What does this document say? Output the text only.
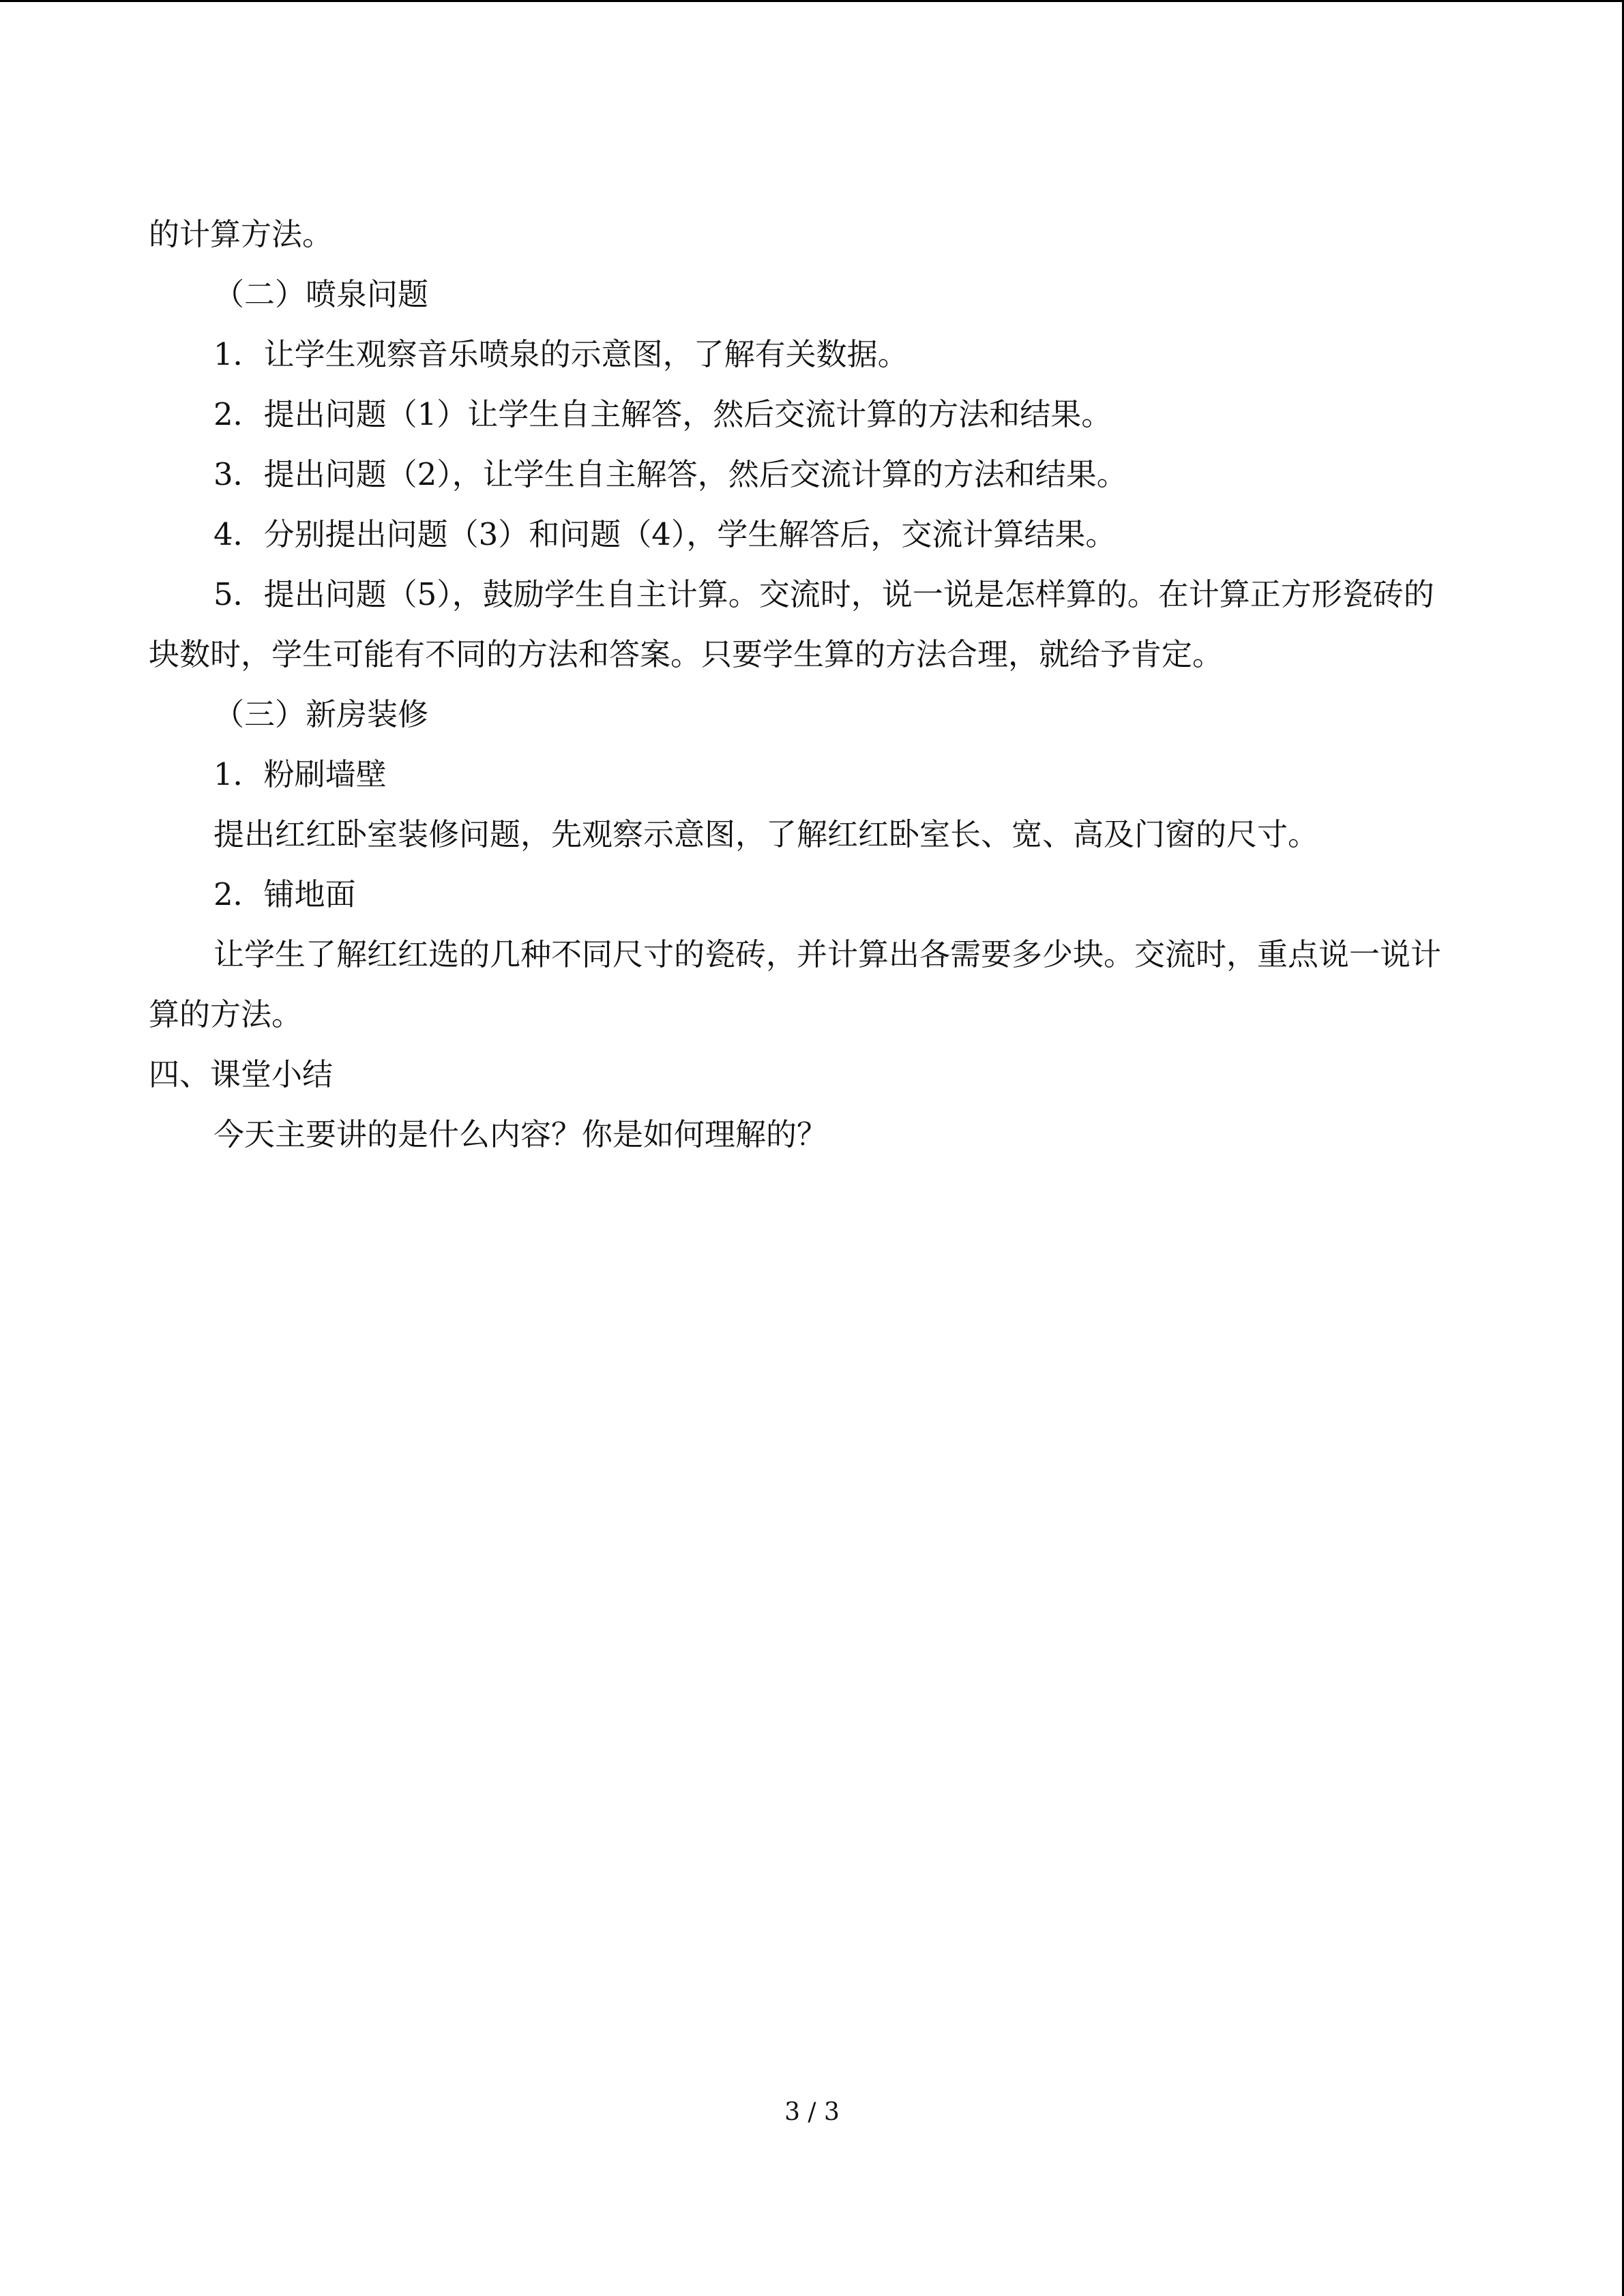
的计算方法。

（二）喷泉问题

1．让学生观察音乐喷泉的示意图，了解有关数据。

2．提出问题（1）让学生自主解答，然后交流计算的方法和结果。

3．提出问题（2），让学生自主解答，然后交流计算的方法和结果。

4．分别提出问题（3）和问题（4），学生解答后，交流计算结果。

5．提出问题（5），鼓励学生自主计算。交流时，说一说是怎样算的。在计算正方形瓷砖的块数时，学生可能有不同的方法和答案。只要学生算的方法合理，就给予肯定。

（三）新房装修

1．粉刷墙壁

提出红红卧室装修问题，先观察示意图，了解红红卧室长、宽、高及门窗的尺寸。

2．铺地面

让学生了解红红选的几种不同尺寸的瓷砖，并计算出各需要多少块。交流时，重点说一说计算的方法。

四、课堂小结

今天主要讲的是什么内容？你是如何理解的？

3 / 3
